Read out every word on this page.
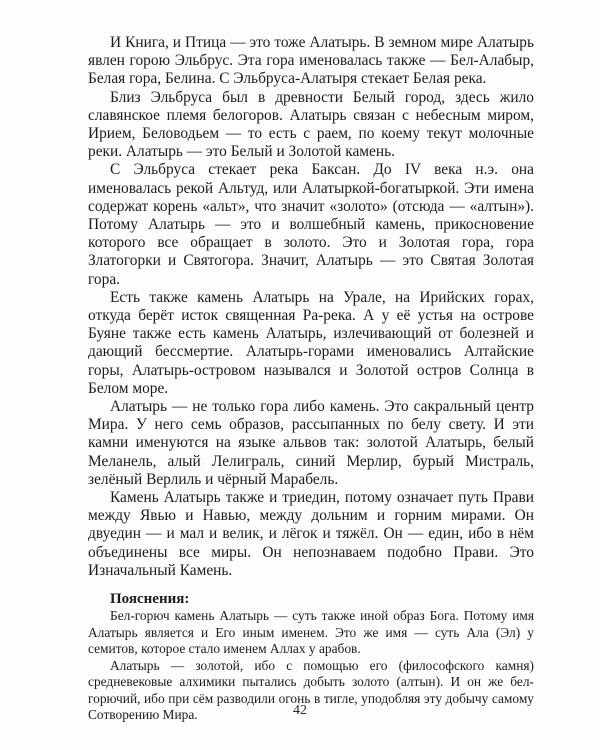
И Книга, и Птица — это тоже Алатырь. В земном мире Алатырь явлен горою Эльбрус. Эта гора именовалась также — Бел-Алабыр, Белая гора, Белина. С Эльбруса-Алатыря стекает Белая река.

Близ Эльбруса был в древности Белый город, здесь жило славянское племя белогоров. Алатырь связан с небесным миром, Ирием, Беловодьем — то есть с раем, по коему текут молочные реки. Алатырь — это Белый и Золотой камень.

С Эльбруса стекает река Баксан. До IV века н.э. она именовалась рекой Альтуд, или Алатыркой-богатыркой. Эти имена содержат корень «альт», что значит «золото» (отсюда — «алтын»). Потому Алатырь — это и волшебный камень, прикосновение которого все обращает в золото. Это и Золотая гора, гора Златогорки и Святогора. Значит, Алатырь — это Святая Золотая гора.

Есть также камень Алатырь на Урале, на Ирийских горах, откуда берёт исток священная Ра-река. А у её устья на острове Буяне также есть камень Алатырь, излечивающий от болезней и дающий бессмертие. Алатырь-горами именовались Алтайские горы, Алатырь-островом назывался и Золотой остров Солнца в Белом море.

Алатырь — не только гора либо камень. Это сакральный центр Мира. У него семь образов, рассыпанных по белу свету. И эти камни именуются на языке альвов так: золотой Алатырь, белый Меланель, алый Лелиграль, синий Мерлир, бурый Мистраль, зелёный Верлиль и чёрный Марабель.

Камень Алатырь также и триедин, потому означает путь Прави между Явью и Навью, между дольним и горним мирами. Он двуедин — и мал и велик, и лёгок и тяжёл. Он — един, ибо в нём объединены все миры. Он непознаваем подобно Прави. Это Изначальный Камень.

Пояснения:

Бел-горюч камень Алатырь — суть также иной образ Бога. Потому имя Алатырь является и Его иным именем. Это же имя — суть Ала (Эл) у семитов, которое стало именем Аллах у арабов.

Алатырь — золотой, ибо с помощью его (философского камня) средневековые алхимики пытались добыть золото (алтын). И он же бел-горючий, ибо при сём разводили огонь в тигле, уподобляя эту добычу самому Сотворению Мира.	42
